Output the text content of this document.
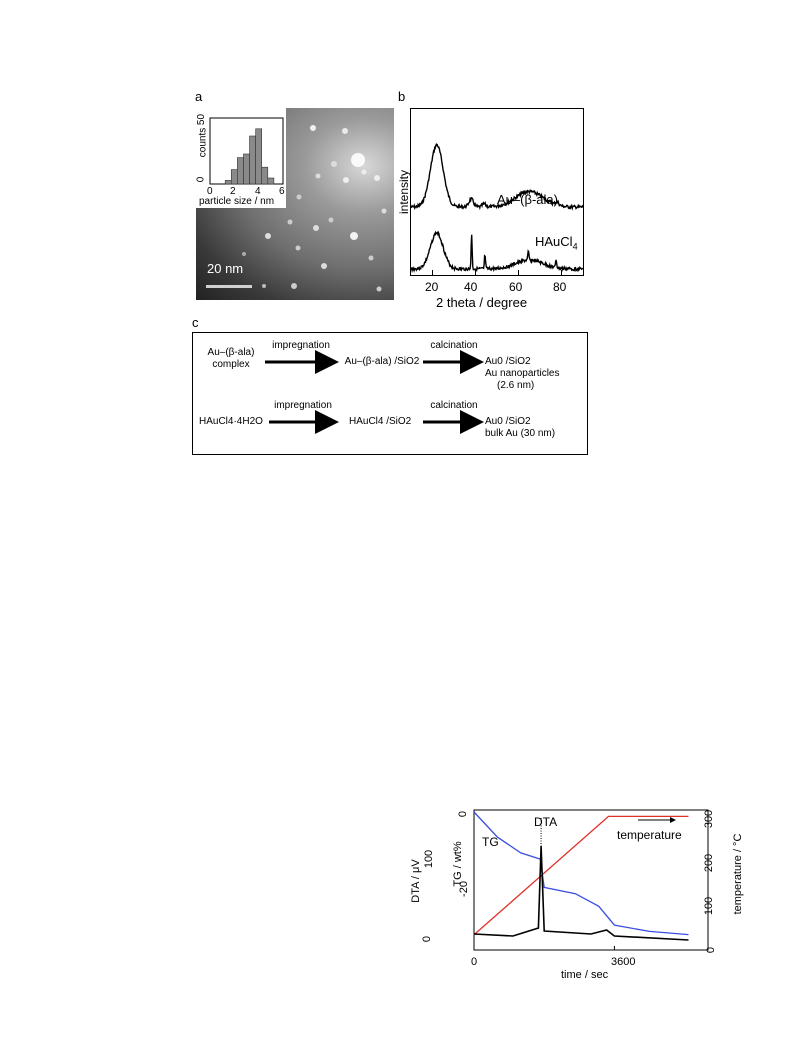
a
20 nm
b
Au–(β-ala)
HAuCl$_4$
intensity
20 40	60	80
2 theta / degree
c
Au–(β-ala)
complex
impregnation
Au–(β-ala) /SiO2
calcination
Au0 /SiO2
Au nanoparticles
(2.6 nm)
HAuCl4·4H2O
impregnation
HAuCl4 /SiO2
calcination
Au0 /SiO2
bulk Au (30 nm)
DTA / μV	TG / wt%	temperature / °C
time / sec
0	3600
0
100
0
-20
0
100
200
300
TG
DTA
temperature
counts
particle size / nm
0 2 4 6
0
50
